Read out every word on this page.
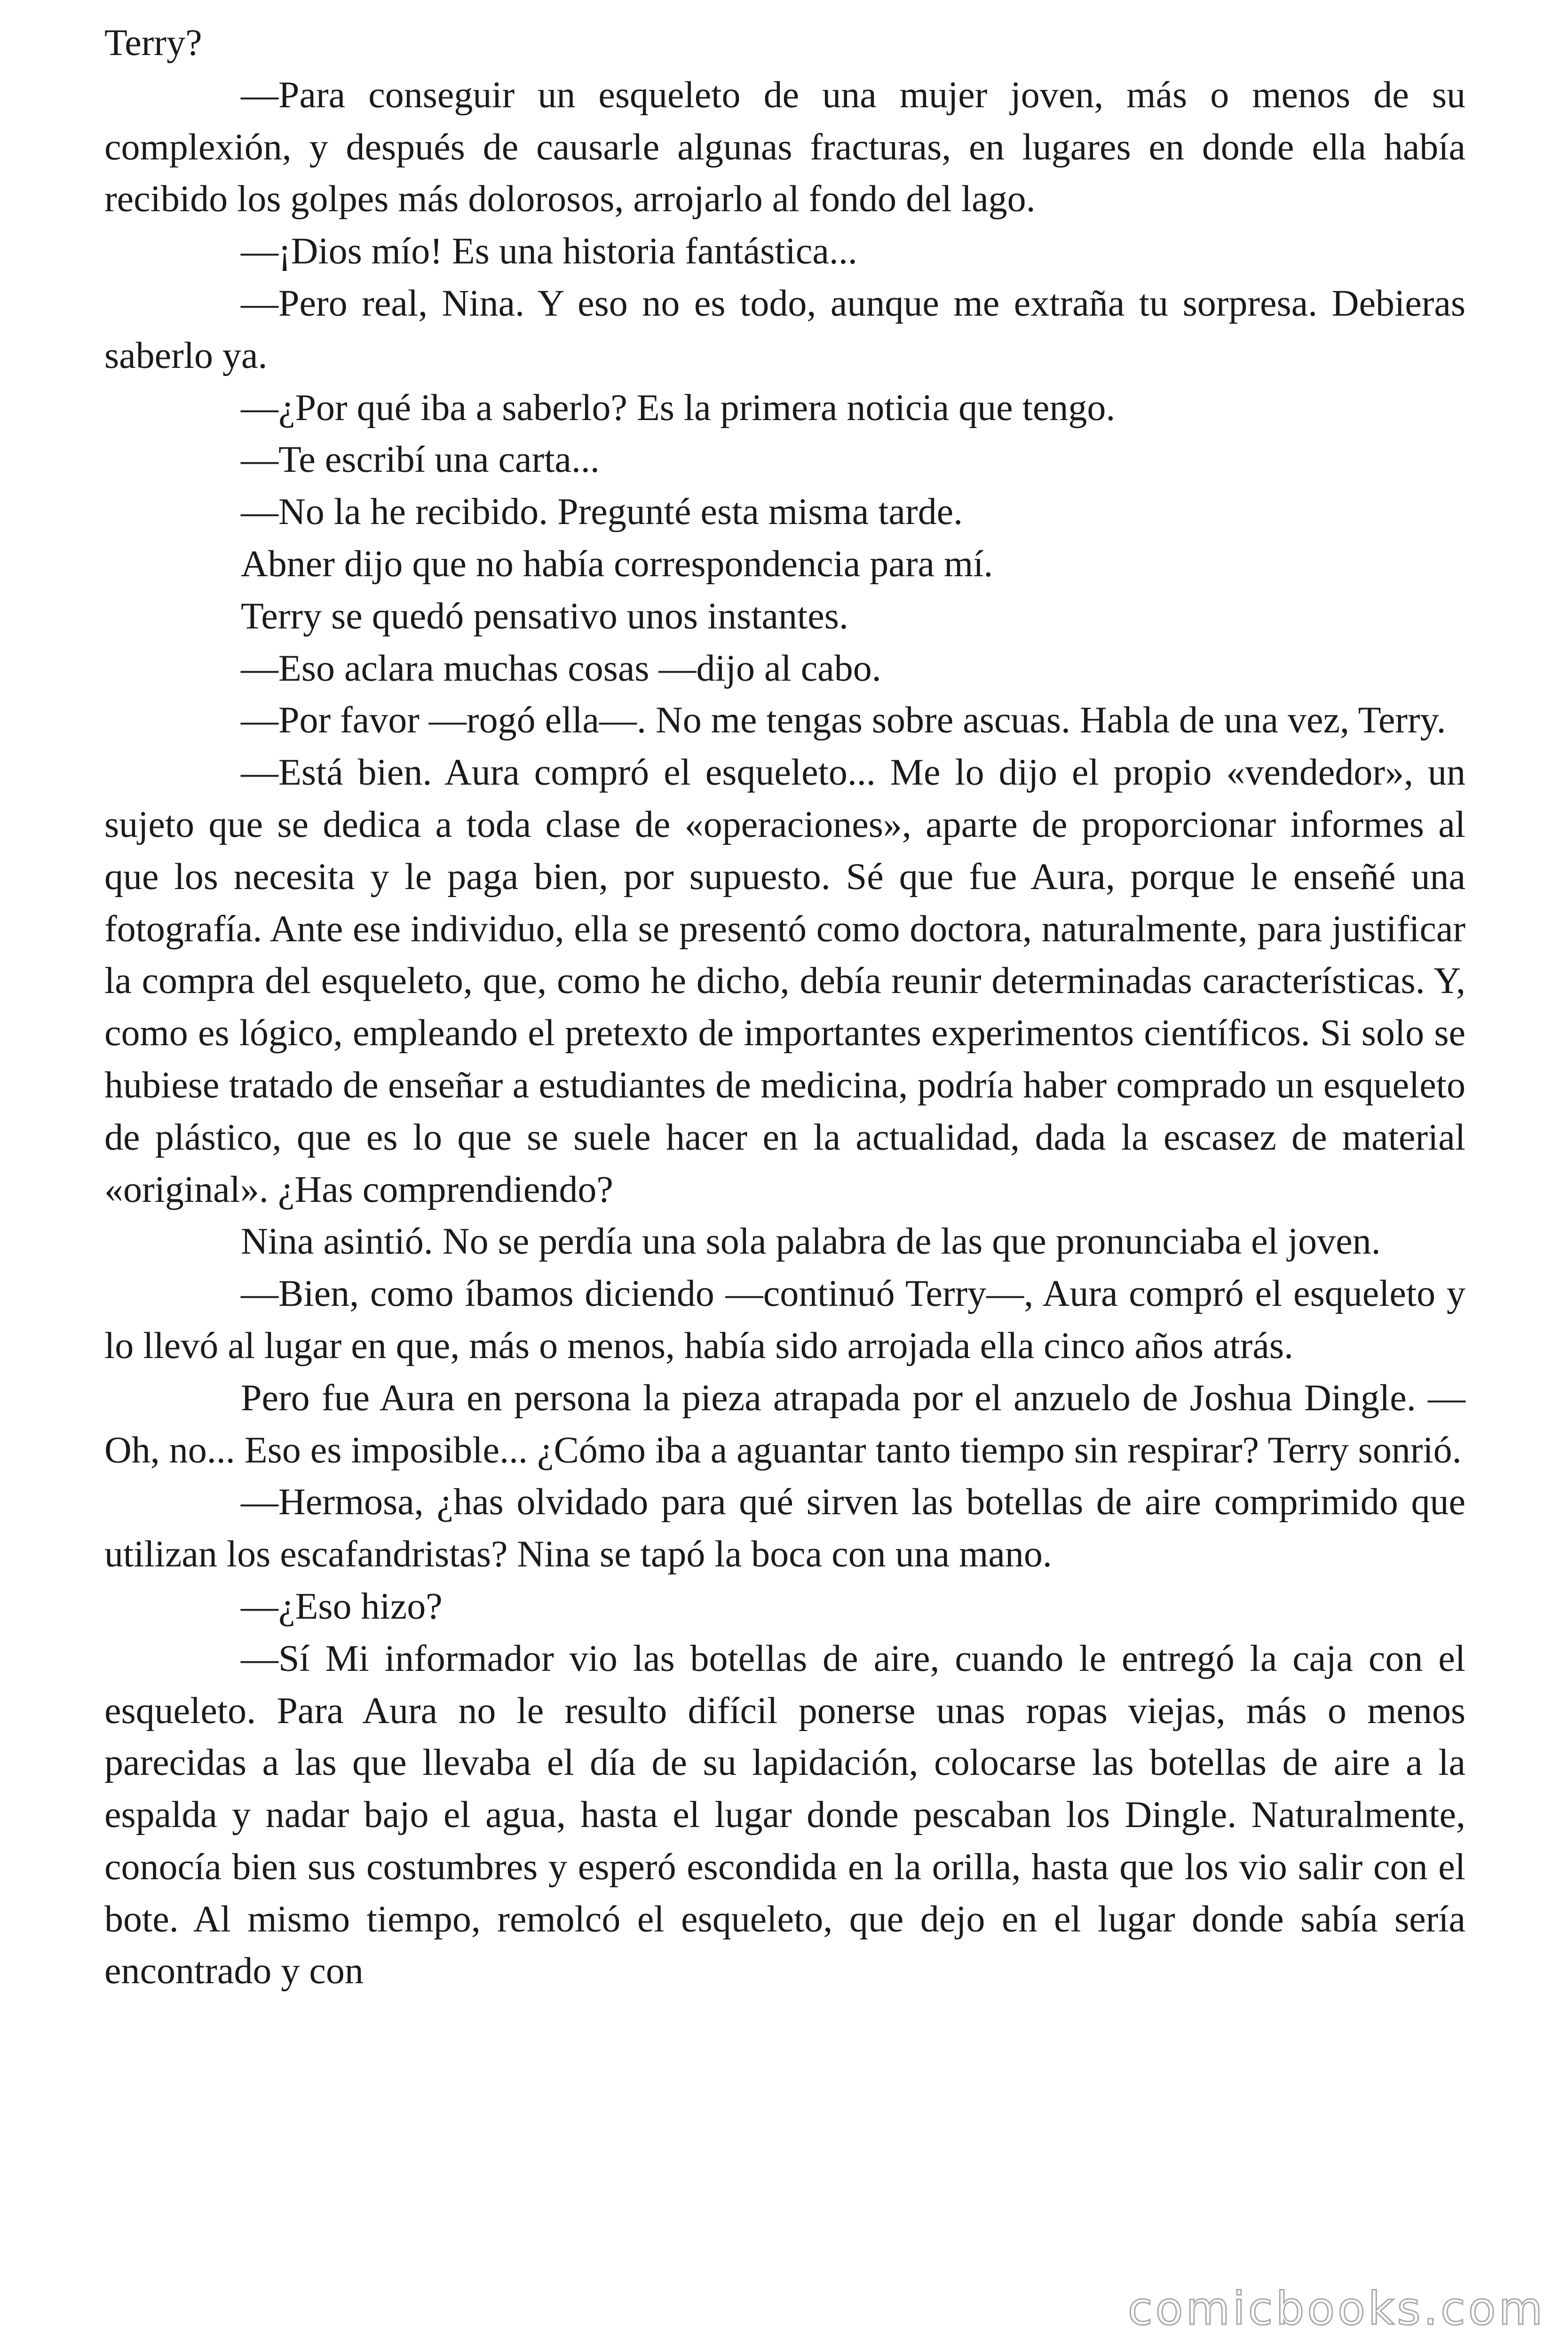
Terry?

—Para conseguir un esqueleto de una mujer joven, más o menos de su complexión, y después de causarle algunas fracturas, en lugares en donde ella había recibido los golpes más dolorosos, arrojarlo al fondo del lago.

—¡Dios mío! Es una historia fantástica...

—Pero real, Nina. Y eso no es todo, aunque me extraña tu sorpresa. Debieras saberlo ya.

—¿Por qué iba a saberlo? Es la primera noticia que tengo.

—Te escribí una carta...

—No la he recibido. Pregunté esta misma tarde.

Abner dijo que no había correspondencia para mí.

Terry se quedó pensativo unos instantes.

—Eso aclara muchas cosas —dijo al cabo.

—Por favor —rogó ella—. No me tengas sobre ascuas. Habla de una vez, Terry.

—Está bien. Aura compró el esqueleto... Me lo dijo el propio «vendedor», un sujeto que se dedica a toda clase de «operaciones», aparte de proporcionar informes al que los necesita y le paga bien, por supuesto. Sé que fue Aura, porque le enseñé una fotografía. Ante ese individuo, ella se presentó como doctora, naturalmente, para justificar la compra del esqueleto, que, como he dicho, debía reunir determinadas características. Y, como es lógico, empleando el pretexto de importantes experimentos científicos. Si solo se hubiese tratado de enseñar a estudiantes de medicina, podría haber comprado un esqueleto de plástico, que es lo que se suele hacer en la actualidad, dada la escasez de material «original». ¿Has comprendiendo?

Nina asintió. No se perdía una sola palabra de las que pronunciaba el joven.

—Bien, como íbamos diciendo —continuó Terry—, Aura compró el esqueleto y lo llevó al lugar en que, más o menos, había sido arrojada ella cinco años atrás.

Pero fue Aura en persona la pieza atrapada por el anzuelo de Joshua Dingle. —Oh, no... Eso es imposible... ¿Cómo iba a aguantar tanto tiempo sin respirar? Terry sonrió.

—Hermosa, ¿has olvidado para qué sirven las botellas de aire comprimido que utilizan los escafandristas? Nina se tapó la boca con una mano.

—¿Eso hizo?

—Sí Mi informador vio las botellas de aire, cuando le entregó la caja con el esqueleto. Para Aura no le resulto difícil ponerse unas ropas viejas, más o menos parecidas a las que llevaba el día de su lapidación, colocarse las botellas de aire a la espalda y nadar bajo el agua, hasta el lugar donde pescaban los Dingle. Naturalmente, conocía bien sus costumbres y esperó escondida en la orilla, hasta que los vio salir con el bote. Al mismo tiempo, remolcó el esqueleto, que dejo en el lugar donde sabía sería encontrado y con

comicbooks.com
